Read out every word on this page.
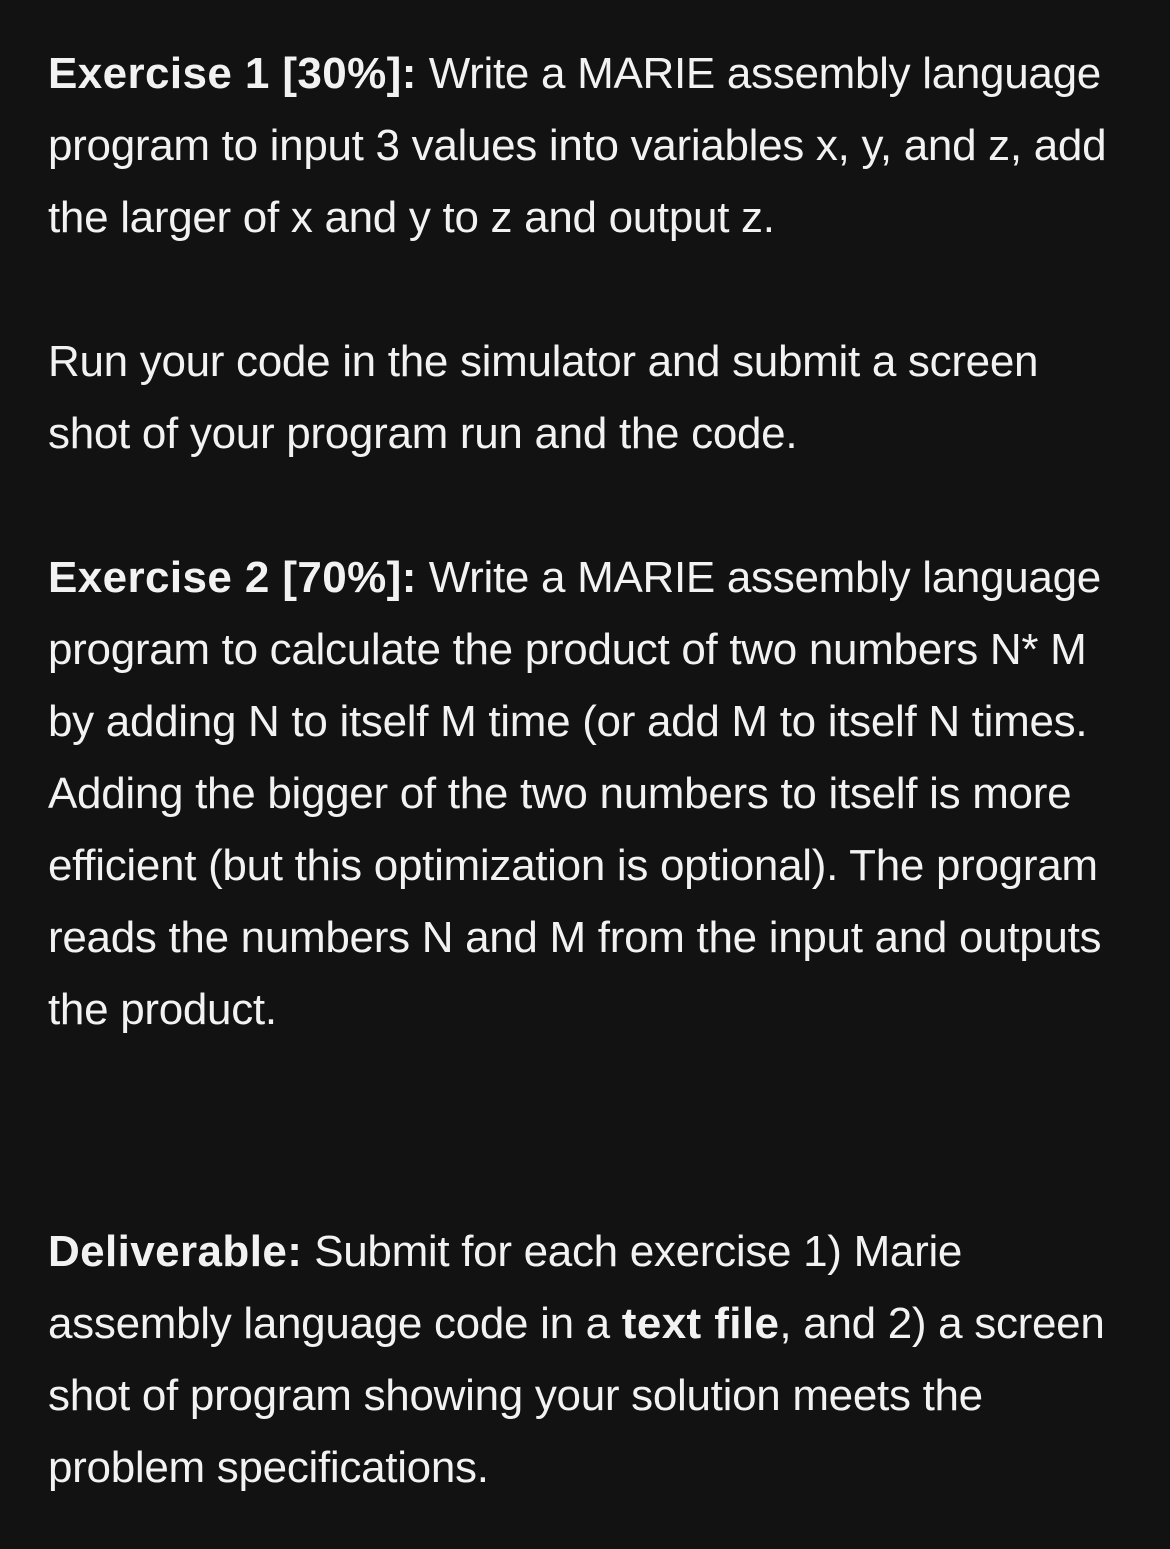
Exercise 1 [30%]: Write a MARIE assembly language program to input 3 values into variables x, y, and z, add the larger of x and y to z and output z.

Run your code in the simulator and submit a screen shot of your program run and the code.

Exercise 2 [70%]: Write a MARIE assembly language program to calculate the product of two numbers N* M by adding N to itself M time (or add M to itself N times. Adding the bigger of the two numbers to itself is more efficient (but this optimization is optional). The program reads the numbers N and M from the input and outputs the product.

Deliverable: Submit for each exercise 1) Marie assembly language code in a text file, and 2) a screen shot of program showing your solution meets the problem specifications.
